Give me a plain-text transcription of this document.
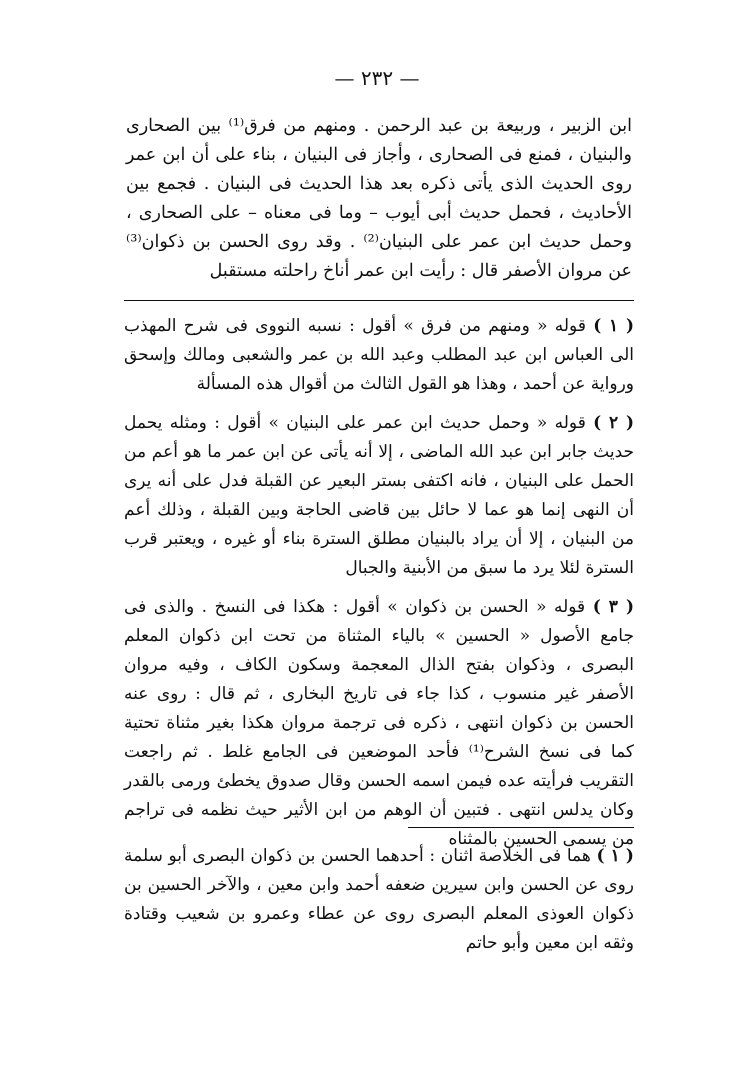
— ٢٣٢ —

ابن الزبير ، وربيعة بن عبد الرحمن . ومنهم من فرق⁽¹⁾ بين الصحارى والبنيان ، فمنع فى الصحارى ، وأجاز فى البنيان ، بناء على أن ابن عمر روى الحديث الذى يأتى ذكره بعد هذا الحديث فى البنيان . فجمع بين الأحاديث ، فحمل حديث أبى أيوب – وما فى معناه – على الصحارى ، وحمل حديث ابن عمر على البنيان⁽²⁾ . وقد روى الحسن بن ذكوان⁽³⁾ عن مروان الأصفر قال : رأيت ابن عمر أناخ راحلته مستقبل

( ١ ) قوله « ومنهم من فرق » أقول : نسبه النووى فى شرح المهذب الى العباس ابن عبد المطلب وعبد الله بن عمر والشعبى ومالك وإسحق ورواية عن أحمد ، وهذا هو القول الثالث من أقوال هذه المسألة

( ٢ ) قوله « وحمل حديث ابن عمر على البنيان » أقول : ومثله يحمل حديث جابر ابن عبد الله الماضى ، إلا أنه يأتى عن ابن عمر ما هو أعم من الحمل على البنيان ، فانه اكتفى بستر البعير عن القبلة فدل على أنه يرى أن النهى إنما هو عما لا حائل بين قاضى الحاجة وبين القبلة ، وذلك أعم من البنيان ، إلا أن يراد بالبنيان مطلق السترة بناء أو غيره ، ويعتبر قرب السترة لئلا يرد ما سبق من الأبنية والجبال

( ٣ ) قوله « الحسن بن ذكوان » أقول : هكذا فى النسخ . والذى فى جامع الأصول « الحسين » بالياء المثناة من تحت ابن ذكوان المعلم البصرى ، وذكوان بفتح الذال المعجمة وسكون الكاف ، وفيه مروان الأصفر غير منسوب ، كذا جاء فى تاريخ البخارى ، ثم قال : روى عنه الحسن بن ذكوان انتهى ، ذكره فى ترجمة مروان هكذا بغير مثناة تحتية كما فى نسخ الشرح⁽¹⁾ فأحد الموضعين فى الجامع غلط . ثم راجعت التقريب فرأيته عده فيمن اسمه الحسن وقال صدوق يخطئ ورمى بالقدر وكان يدلس انتهى . فتبين أن الوهم من ابن الأثير حيث نظمه فى تراجم من يسمى الحسين بالمثناه

( ١ ) هما فى الخلاصة اثنان : أحدهما الحسن بن ذكوان البصرى أبو سلمة روى عن الحسن وابن سيرين ضعفه أحمد وابن معين ، والآخر الحسين بن ذكوان العوذى المعلم البصرى روى عن عطاء وعمرو بن شعيب وقتادة وثقه ابن معين وأبو حاتم
